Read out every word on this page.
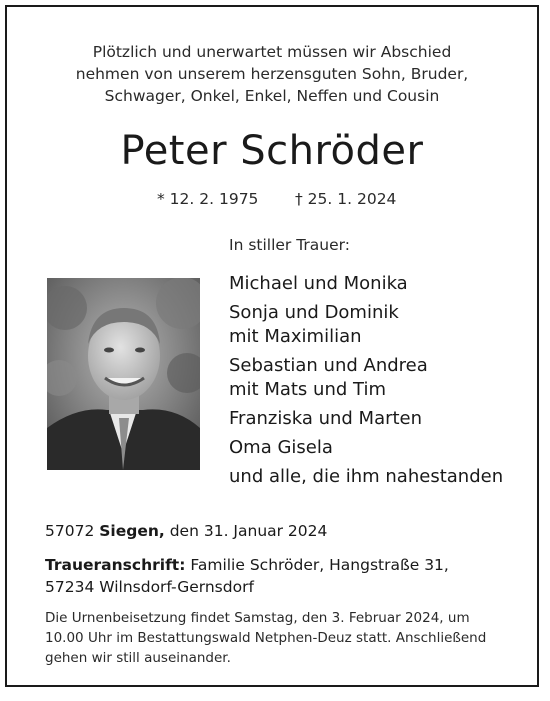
Plötzlich und unerwartet müssen wir Abschied
nehmen von unserem herzensguten Sohn, Bruder,
Schwager, Onkel, Enkel, Neffen und Cousin
Peter Schröder
* 12. 2. 1975 † 25. 1. 2024
In stiller Trauer:
Michael und Monika
Sonja und Dominik
mit Maximilian
Sebastian und Andrea
mit Mats und Tim
Franziska und Marten
Oma Gisela
und alle, die ihm nahestanden
57072 Siegen, den 31. Januar 2024
Traueranschrift: Familie Schröder, Hangstraße 31,
57234 Wilnsdorf-Gernsdorf
Die Urnenbeisetzung findet Samstag, den 3. Februar 2024, um
10.00 Uhr im Bestattungswald Netphen-Deuz statt. Anschließend
gehen wir still auseinander.
